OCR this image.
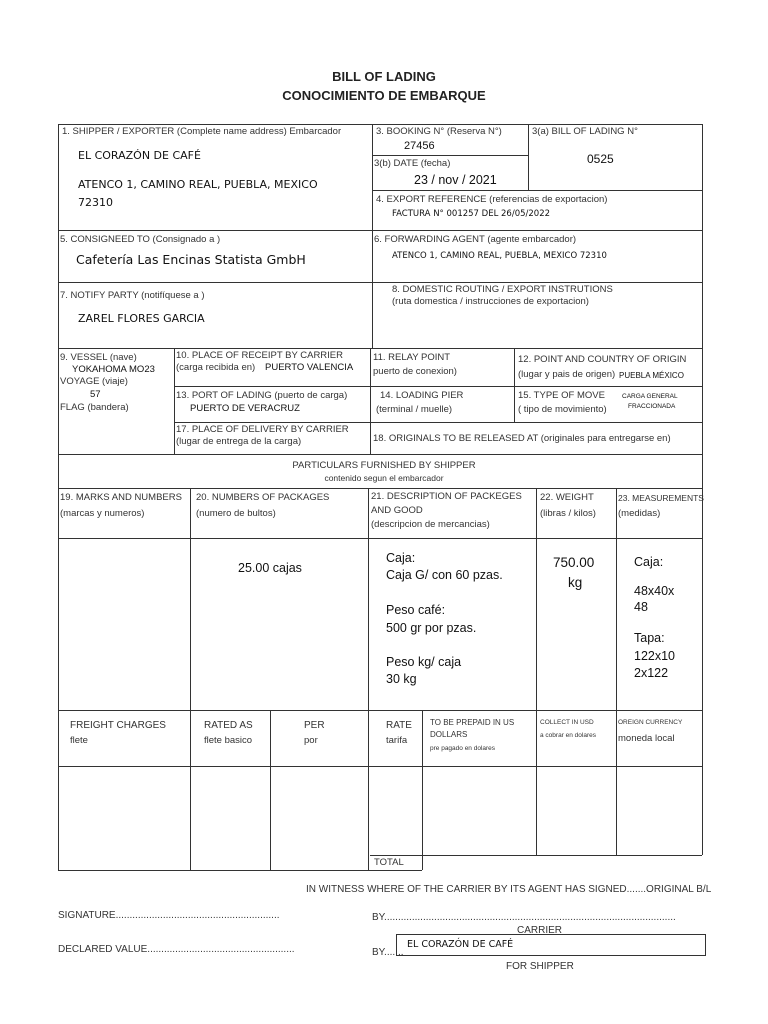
BILL OF LADING
CONOCIMIENTO DE EMBARQUE
1. SHIPPER / EXPORTER (Complete name address) Embarcador
EL CORAZÓN DE CAFÉ
ATENCO 1, CAMINO REAL, PUEBLA, MEXICO
72310
3. BOOKING N° (Reserva N°)
27456
3(a) BILL OF LADING N°
0525
3(b) DATE (fecha)
23 / nov / 2021
4. EXPORT REFERENCE (referencias de exportacion)
FACTURA N° 001257 DEL 26/05/2022
5. CONSIGNEED TO (Consignado a )
Cafetería Las Encinas Statista GmbH
6. FORWARDING AGENT (agente embarcador)
ATENCO 1, CAMINO REAL, PUEBLA, MEXICO 72310
7. NOTIFY PARTY (notifíquese a )
ZAREL FLORES GARCIA
8. DOMESTIC ROUTING / EXPORT INSTRUTIONS
(ruta domestica / instrucciones de exportacion)
9. VESSEL (nave)
YOKAHOMA MO23
VOYAGE (viaje)
57
FLAG (bandera)
10. PLACE OF RECEIPT BY CARRIER
(carga recibida en) PUERTO VALENCIA
13. PORT OF LADING (puerto de carga)
PUERTO DE VERACRUZ
17. PLACE OF DELIVERY BY CARRIER
(lugar de entrega de la carga)
11. RELAY POINT
puerto de conexion)
12. POINT AND COUNTRY OF ORIGIN
(lugar y pais de origen) PUEBLA MÉXICO
14. LOADING PIER
(terminal / muelle)
15. TYPE OF MOVE
( tipo de movimiento)
CARGA GENERAL
FRACCIONADA
18. ORIGINALS TO BE RELEASED AT (originales para entregarse en)
PARTICULARS FURNISHED BY SHIPPER
contenido segun el embarcador
19. MARKS AND NUMBERS
(marcas y numeros)
20. NUMBERS OF PACKAGES
(numero de bultos)
21. DESCRIPTION OF PACKEGES
AND GOOD
(descripcion de mercancias)
22. WEIGHT
(libras / kilos)
23. MEASUREMENTS
(medidas)
25.00 cajas
Caja:
Caja G/ con 60 pzas.
Peso café:
500 gr por pzas.
Peso kg/ caja
30 kg
750.00
kg
Caja:
48x40x
48
Tapa:
122x10
2x122
FREIGHT CHARGES
flete
RATED AS
flete basico
PER
por
RATE
tarifa
TO BE PREPAID IN US
DOLLARS
pre pagado en dolares
COLLECT IN USD
a cobrar en dolares
OREIGN CURRENCY
moneda local
TOTAL
IN WITNESS WHERE OF THE CARRIER BY ITS AGENT HAS SIGNED.......ORIGINAL B/L
SIGNATURE...........................................................	BY.........................................................................................................
CARRIER
DECLARED VALUE.....................................................	BY.......
EL CORAZÓN DE CAFÉ
FOR SHIPPER
